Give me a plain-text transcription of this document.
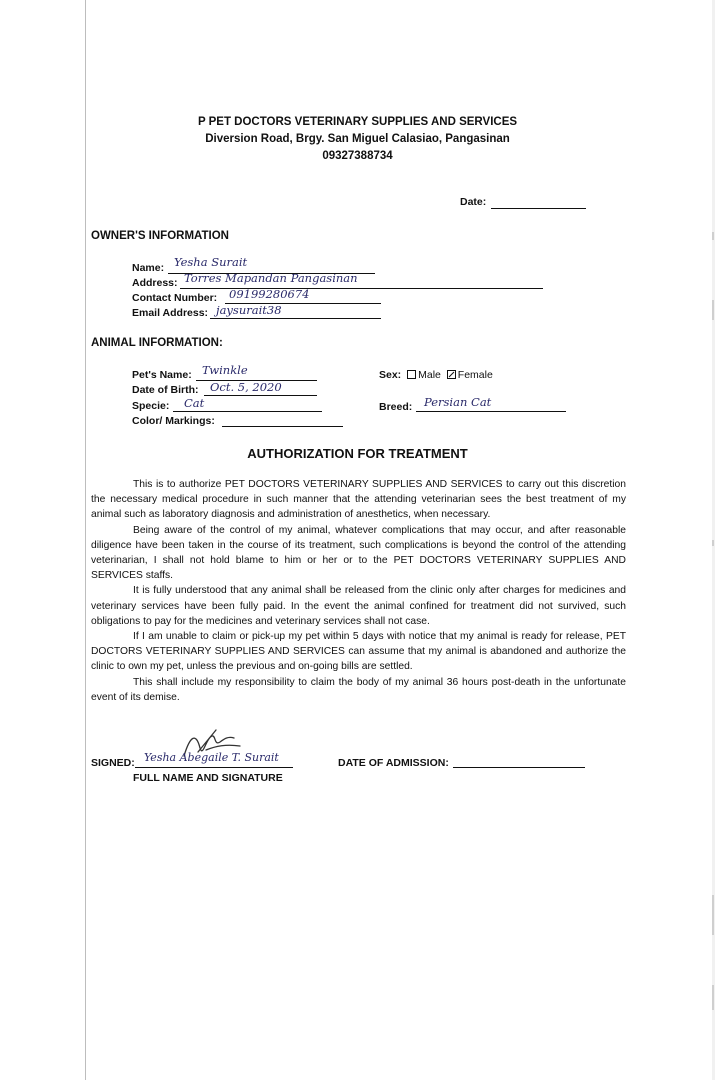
P PET DOCTORS VETERINARY SUPPLIES AND SERVICES
Diversion Road, Brgy. San Miguel Calasiao, Pangasinan
09327388734
Date:
OWNER'S INFORMATION
Name: Yesha Surait
Address: Torres Mapandan Pangasinan
Contact Number: 09199280674
Email Address: jaysurait38
ANIMAL INFORMATION:
Pet's Name: Twinkle
Date of Birth: Oct. 5, 2020
Specie: Cat
Color/ Markings:
Sex: Male Female
Breed: Persian Cat
AUTHORIZATION FOR TREATMENT

This is to authorize PET DOCTORS VETERINARY SUPPLIES AND SERVICES to carry out this discretion the necessary medical procedure in such manner that the attending veterinarian sees the best treatment of my animal such as laboratory diagnosis and administration of anesthetics, when necessary.

Being aware of the control of my animal, whatever complications that may occur, and after reasonable diligence have been taken in the course of its treatment, such complications is beyond the control of the attending veterinarian, I shall not hold blame to him or her or to the PET DOCTORS VETERINARY SUPPLIES AND SERVICES staffs.

It is fully understood that any animal shall be released from the clinic only after charges for medicines and veterinary services have been fully paid. In the event the animal confined for treatment did not survived, such obligations to pay for the medicines and veterinary services shall not case.

If I am unable to claim or pick-up my pet within 5 days with notice that my animal is ready for release, PET DOCTORS VETERINARY SUPPLIES AND SERVICES can assume that my animal is abandoned and authorize the clinic to own my pet, unless the previous and on-going bills are settled.

This shall include my responsibility to claim the body of my animal 36 hours post-death in the unfortunate event of its demise.

SIGNED: Yesha Abegaile T. Surait
FULL NAME AND SIGNATURE
DATE OF ADMISSION:
